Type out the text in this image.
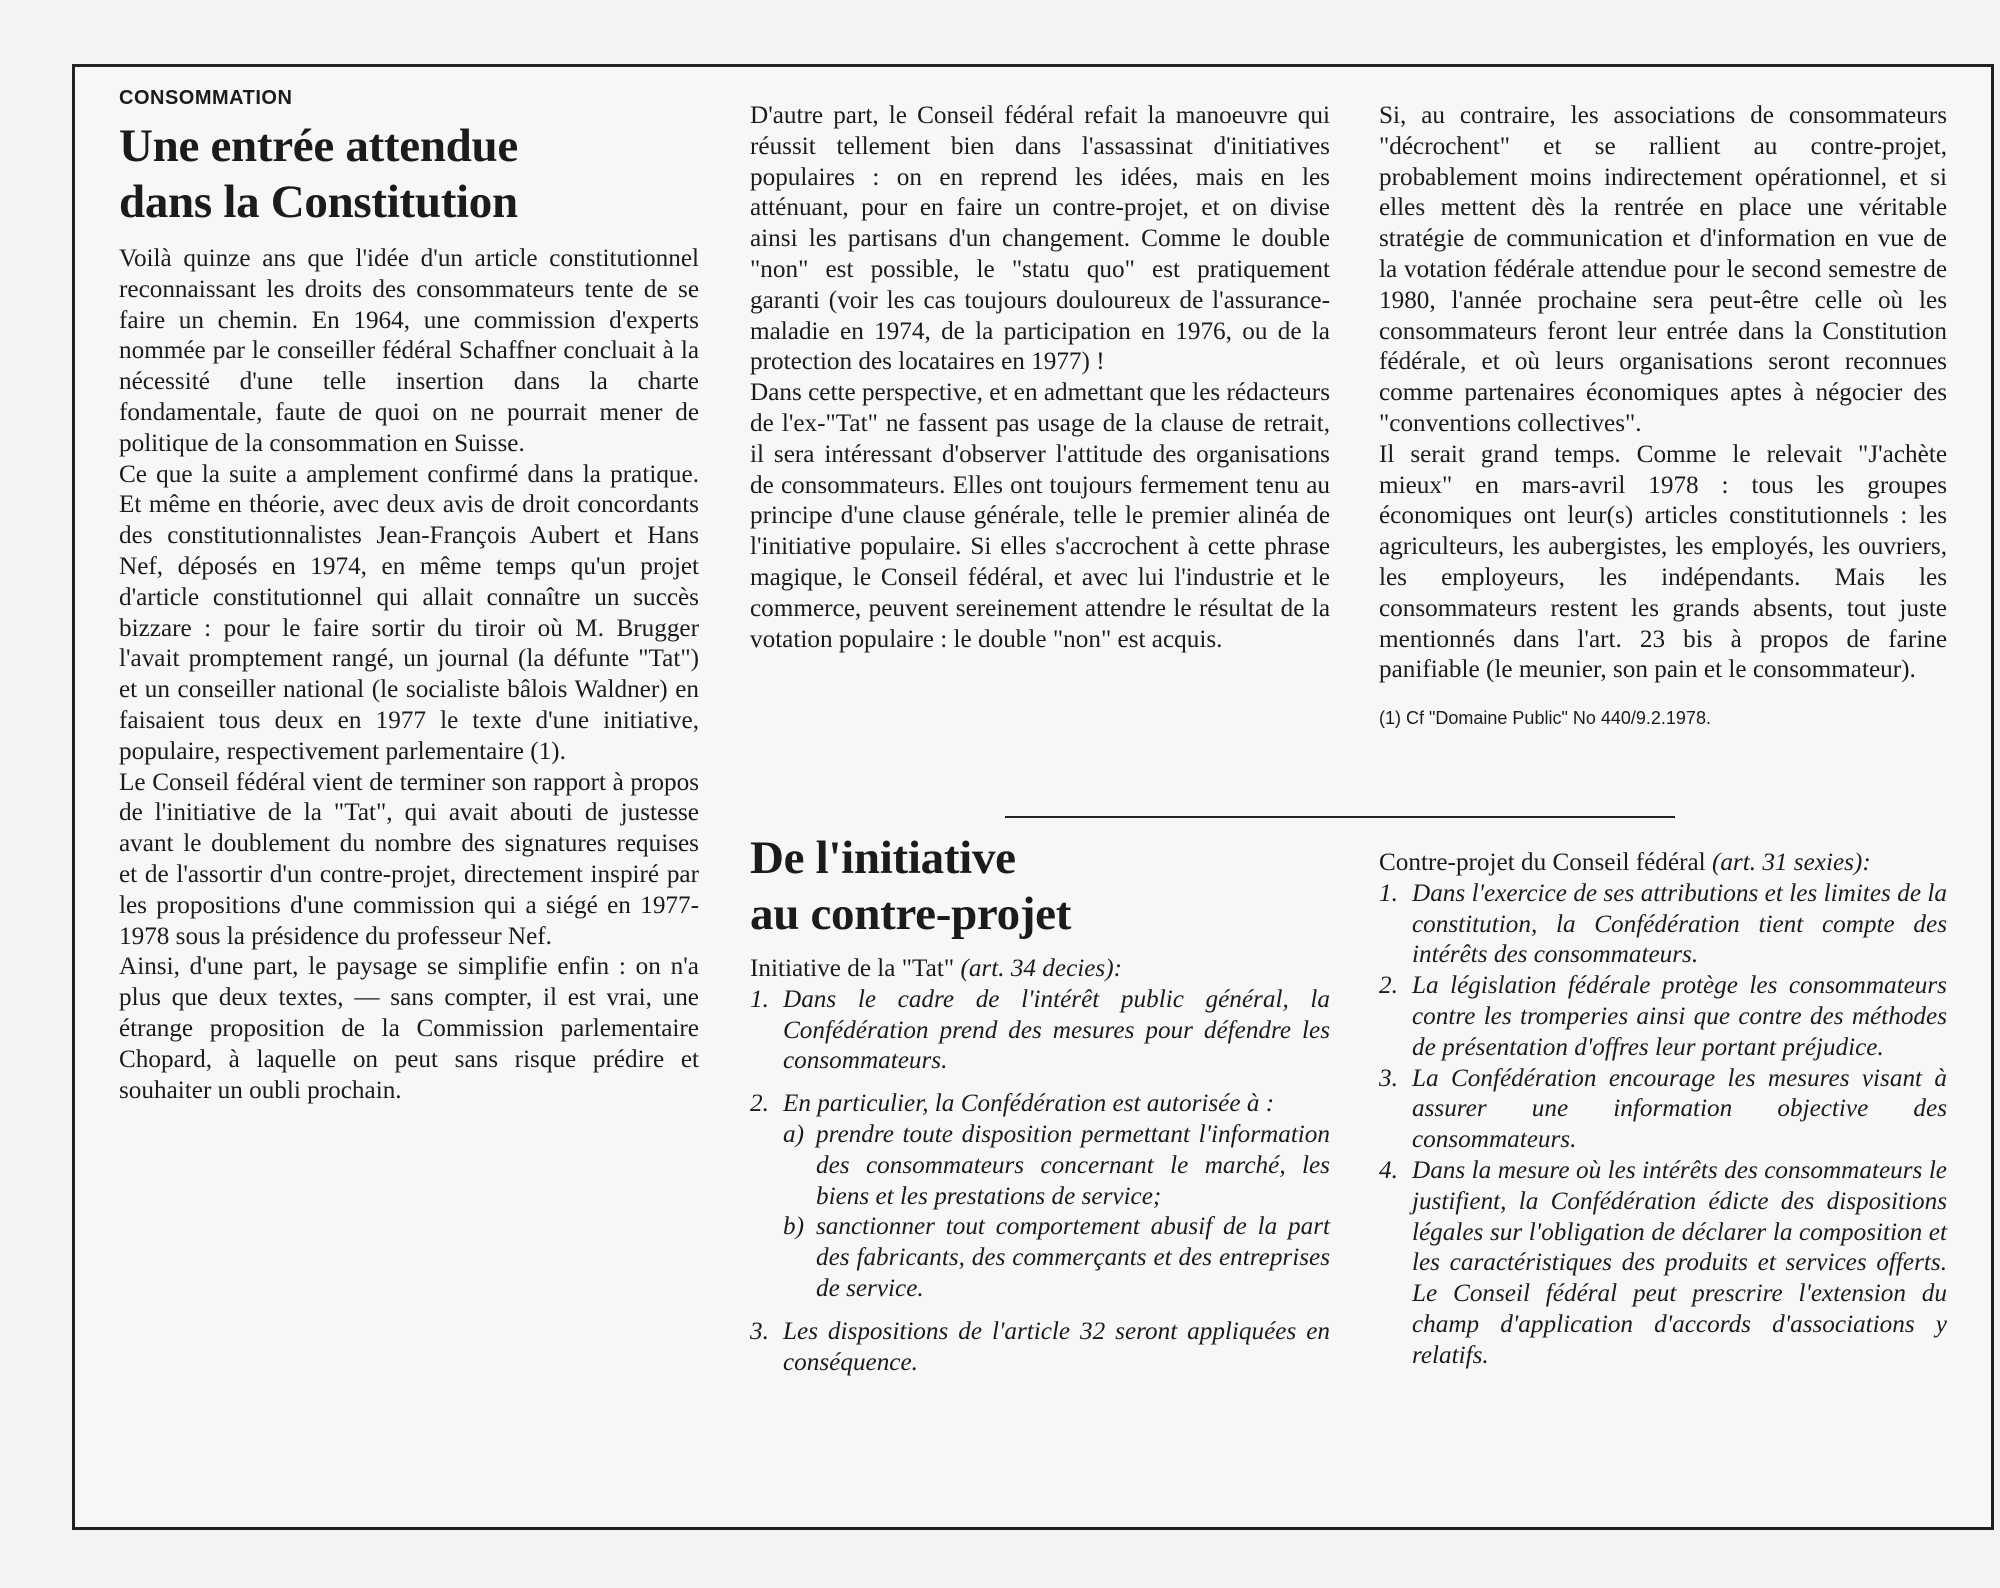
CONSOMMATION
Une entrée attendue
dans la Constitution

Voilà quinze ans que l'idée d'un article constitutionnel reconnaissant les droits des consommateurs tente de se faire un chemin. En 1964, une commission d'experts nommée par le conseiller fédéral Schaffner concluait à la nécessité d'une telle insertion dans la charte fondamentale, faute de quoi on ne pourrait mener de politique de la consommation en Suisse.

Ce que la suite a amplement confirmé dans la pratique. Et même en théorie, avec deux avis de droit concordants des constitutionnalistes Jean-François Aubert et Hans Nef, déposés en 1974, en même temps qu'un projet d'article constitutionnel qui allait connaître un succès bizzare : pour le faire sortir du tiroir où M. Brugger l'avait promptement rangé, un journal (la défunte "Tat") et un conseiller national (le socialiste bâlois Waldner) en faisaient tous deux en 1977 le texte d'une initiative, populaire, respectivement parlementaire (1).

Le Conseil fédéral vient de terminer son rapport à propos de l'initiative de la "Tat", qui avait abouti de justesse avant le doublement du nombre des signatures requises et de l'assortir d'un contre-projet, directement inspiré par les propositions d'une commission qui a siégé en 1977-1978 sous la présidence du professeur Nef.

Ainsi, d'une part, le paysage se simplifie enfin : on n'a plus que deux textes, — sans compter, il est vrai, une étrange proposition de la Commission parlementaire Chopard, à laquelle on peut sans risque prédire et souhaiter un oubli prochain.

D'autre part, le Conseil fédéral refait la manoeuvre qui réussit tellement bien dans l'assassinat d'initiatives populaires : on en reprend les idées, mais en les atténuant, pour en faire un contre-projet, et on divise ainsi les partisans d'un changement. Comme le double "non" est possible, le "statu quo" est pratiquement garanti (voir les cas toujours douloureux de l'assurance-maladie en 1974, de la participation en 1976, ou de la protection des locataires en 1977) !

Dans cette perspective, et en admettant que les rédacteurs de l'ex-"Tat" ne fassent pas usage de la clause de retrait, il sera intéressant d'observer l'attitude des organisations de consommateurs. Elles ont toujours fermement tenu au principe d'une clause générale, telle le premier alinéa de l'initiative populaire. Si elles s'accrochent à cette phrase magique, le Conseil fédéral, et avec lui l'industrie et le commerce, peuvent sereinement attendre le résultat de la votation populaire : le double "non" est acquis.

Si, au contraire, les associations de consommateurs "décrochent" et se rallient au contre-projet, probablement moins indirectement opérationnel, et si elles mettent dès la rentrée en place une véritable stratégie de communication et d'information en vue de la votation fédérale attendue pour le second semestre de 1980, l'année prochaine sera peut-être celle où les consommateurs feront leur entrée dans la Constitution fédérale, et où leurs organisations seront reconnues comme partenaires économiques aptes à négocier des "conventions collectives".

Il serait grand temps. Comme le relevait "J'achète mieux" en mars-avril 1978 : tous les groupes économiques ont leur(s) articles constitutionnels : les agriculteurs, les aubergistes, les employés, les ouvriers, les employeurs, les indépendants. Mais les consommateurs restent les grands absents, tout juste mentionnés dans l'art. 23 bis à propos de farine panifiable (le meunier, son pain et le consommateur).

(1) Cf "Domaine Public" No 440/9.2.1978.
De l'initiative
au contre-projet

Initiative de la "Tat" (art. 34 decies):

1. Dans le cadre de l'intérêt public général, la Confédération prend des mesures pour défendre les consommateurs.
2. En particulier, la Confédération est autorisée à :
a) prendre toute disposition permettant l'information des consommateurs concernant le marché, les biens et les prestations de service;
b) sanctionner tout comportement abusif de la part des fabricants, des commerçants et des entreprises de service.
3. Les dispositions de l'article 32 seront appliquées en conséquence.

Contre-projet du Conseil fédéral (art. 31 sexies):

1. Dans l'exercice de ses attributions et les limites de la constitution, la Confédération tient compte des intérêts des consommateurs.
2. La législation fédérale protège les consommateurs contre les tromperies ainsi que contre des méthodes de présentation d'offres leur portant préjudice.
3. La Confédération encourage les mesures visant à assurer une information objective des consommateurs.
4. Dans la mesure où les intérêts des consommateurs le justifient, la Confédération édicte des dispositions légales sur l'obligation de déclarer la composition et les caractéristiques des produits et services offerts. Le Conseil fédéral peut prescrire l'extension du champ d'application d'accords d'associations y relatifs.
